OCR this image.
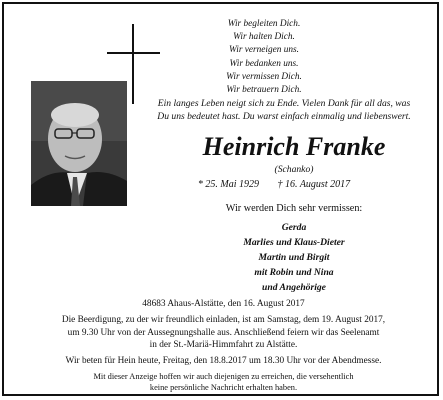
Wir begleiten Dich.
Wir halten Dich.
Wir verneigen uns.
Wir bedanken uns.
Wir vermissen Dich.
Wir betrauern Dich.
Ein langes Leben neigt sich zu Ende. Vielen Dank für all das, was
Du uns bedeutet hast. Du warst einfach einmalig und liebenswert.
Heinrich Franke
(Schanko)
* 25. Mai 1929 † 16. August 2017
Wir werden Dich sehr vermissen:
Gerda
Marlies und Klaus-Dieter
Martin und Birgit
mit Robin und Nina
und Angehörige
48683 Ahaus-Alstätte, den 16. August 2017
Die Beerdigung, zu der wir freundlich einladen, ist am Samstag, dem 19. August 2017,
um 9.30 Uhr von der Aussegnungshalle aus. Anschließend feiern wir das Seelenamt
in der St.-Mariä-Himmfahrt zu Alstätte.
Wir beten für Hein heute, Freitag, den 18.8.2017 um 18.30 Uhr vor der Abendmesse.
Mit dieser Anzeige hoffen wir auch diejenigen zu erreichen, die versehentlich
keine persönliche Nachricht erhalten haben.
